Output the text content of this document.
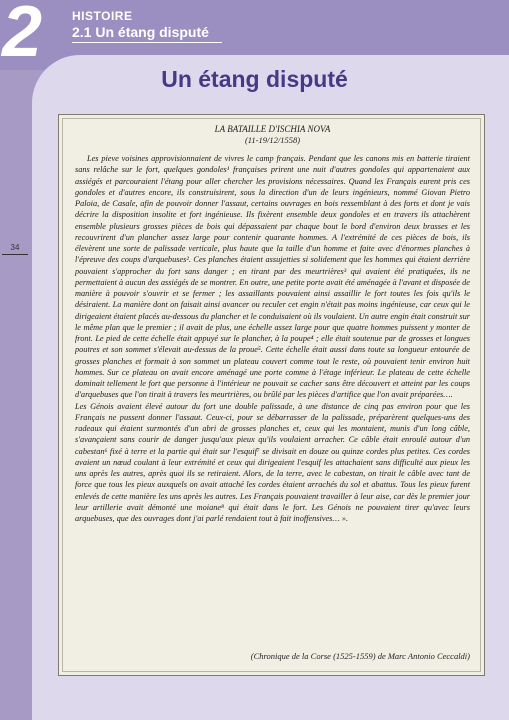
2 HISTOIRE
2.1 Un étang disputé
Un étang disputé
34
LA BATAILLE D'ISCHIA NOVA
(11-19/12/1558)

Les pieve voisines approvisionnaient de vivres le camp français. Pendant que les canons mis en batterie tiraient sans relâche sur le fort, quelques gondoles¹ françaises prirent une nuit d'autres gondoles qui appartenaient aux assiégés et parcouraient l'étang pour aller chercher les provisions nécessaires. Quand les Français eurent pris ces gondoles et d'autres encore, ils construisirent, sous la direction d'un de leurs ingénieurs, nommé Giovan Pietro Paloia, de Casale, afin de pouvoir donner l'assaut, certains ouvrages en bois ressemblant à des forts et dont je vais décrire la disposition insolite et fort ingénieuse. Ils fixèrent ensemble deux gondoles et en travers ils attachèrent ensemble plusieurs grosses pièces de bois qui dépassaient par chaque bout le bord d'environ deux brasses et les recouvrirent d'un plancher assez large pour contenir quarante hommes. A l'extrémité de ces pièces de bois, ils élevèrent une sorte de palissade verticale, plus haute que la taille d'un homme et faite avec d'énormes planches à l'épreuve des coups d'arquebuses². Ces planches étaient assujetties si solidement que les hommes qui étaient derrière pouvaient s'approcher du fort sans danger ; en tirant par des meurtrières³ qui avaient été pratiquées, ils ne permettaient à aucun des assiégés de se montrer. En outre, une petite porte avait été aménagée à l'avant et disposée de manière à pouvoir s'ouvrir et se fermer ; les assaillants pouvaient ainsi assaillir le fort toutes les fois qu'ils le désiraient. La manière dont on faisait ainsi avancer ou reculer cet engin n'était pas moins ingénieuse, car ceux qui le dirigeaient étaient placés au-dessous du plancher et le conduisaient où ils voulaient. Un autre engin était construit sur le même plan que le premier ; il avait de plus, une échelle assez large pour que quatre hommes puissent y monter de front. Le pied de cette échelle était appuyé sur le plancher, à la poupe⁴ ; elle était soutenue par de grosses et longues poutres et son sommet s'élevait au-dessus de la proue⁵. Cette échelle était aussi dans toute sa longueur entourée de grosses planches et formait à son sommet un plateau couvert comme tout le reste, où pouvaient tenir environ huit hommes. Sur ce plateau on avait encore aménagé une porte comme à l'étage inférieur. Le plateau de cette échelle dominait tellement le fort que personne à l'intérieur ne pouvait se cacher sans être découvert et atteint par les coups d'arquebuses que l'on tirait à travers les meurtrières, ou brûlé par les pièces d'artifice que l'on avait préparées….

Les Génois avaient élevé autour du fort une double palissade, à une distance de cinq pas environ pour que les Français ne pussent donner l'assaut. Ceux-ci, pour se débarrasser de la palissade, préparèrent quelques-uns des radeaux qui étaient surmontés d'un abri de grosses planches et, ceux qui les montaient, munis d'un long câble, s'avançaient sans courir de danger jusqu'aux pieux qu'ils voulaient arracher. Ce câble était enroulé autour d'un cabestan⁶ fixé à terre et la partie qui était sur l'esquif⁷ se divisait en douze ou quinze cordes plus petites. Ces cordes avaient un nœud coulant à leur extrémité et ceux qui dirigeaient l'esquif les attachaient sans difficulté aux pieux les uns après les autres, après quoi ils se retiraient. Alors, de la terre, avec le cabestan, on tirait le câble avec tant de force que tous les pieux auxquels on avait attaché les cordes étaient arrachés du sol et abattus. Tous les pieux furent enlevés de cette manière les uns après les autres. Les Français pouvaient travailler à leur aise, car dès le premier jour leur artillerie avait démonté une moiane⁸ qui était dans le fort. Les Génois ne pouvaient tirer qu'avec leurs arquebuses, que des ouvrages dont j'ai parlé rendaient tout à fait inoffensives… ».

(Chronique de la Corse (1525-1559) de Marc Antonio Ceccaldi)
